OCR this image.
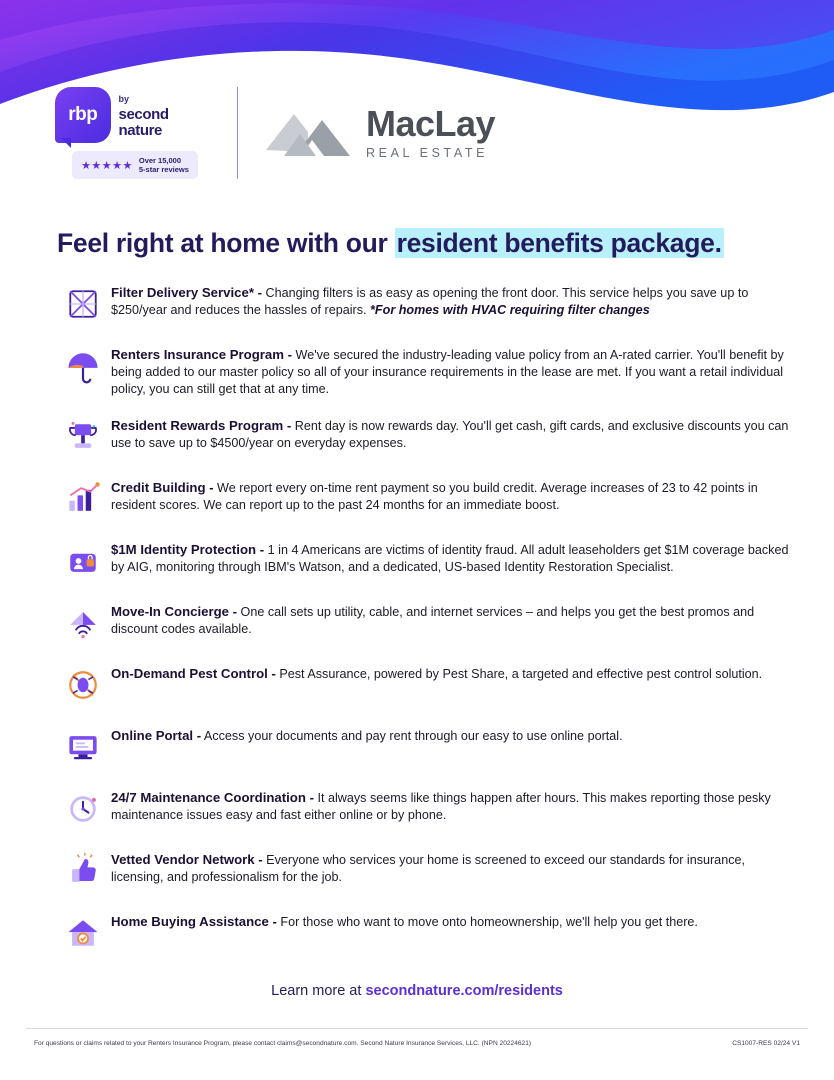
rbp
by
second nature
★★★★★ Over 15,000
5-star reviews
MacLay
REAL ESTATE
Feel right at home with our resident benefits package.
Filter Delivery Service* - Changing filters is as easy as opening the front door. This service helps you save up to $250/year and reduces the hassles of repairs. *For homes with HVAC requiring filter changes
Renters Insurance Program - We've secured the industry-leading value policy from an A-rated carrier. You'll benefit by being added to our master policy so all of your insurance requirements in the lease are met. If you want a retail individual policy, you can still get that at any time.
Resident Rewards Program - Rent day is now rewards day. You'll get cash, gift cards, and exclusive discounts you can use to save up to $4500/year on everyday expenses.
Credit Building - We report every on-time rent payment so you build credit. Average increases of 23 to 42 points in resident scores. We can report up to the past 24 months for an immediate boost.
$1M Identity Protection - 1 in 4 Americans are victims of identity fraud. All adult leaseholders get $1M coverage backed by AIG, monitoring through IBM's Watson, and a dedicated, US-based Identity Restoration Specialist.
Move-In Concierge - One call sets up utility, cable, and internet services – and helps you get the best promos and discount codes available.
On-Demand Pest Control - Pest Assurance, powered by Pest Share, a targeted and effective pest control solution.
Online Portal - Access your documents and pay rent through our easy to use online portal.
24/7 Maintenance Coordination - It always seems like things happen after hours. This makes reporting those pesky maintenance issues easy and fast either online or by phone.
Vetted Vendor Network - Everyone who services your home is screened to exceed our standards for insurance, licensing, and professionalism for the job.
Home Buying Assistance - For those who want to move onto homeownership, we'll help you get there.
Learn more at secondnature.com/residents
For questions or claims related to your Renters Insurance Program, please contact claims@secondnature.com. Second Nature Insurance Services, LLC. (NPN 20224621)	CS1007-RES 02/24 V1
